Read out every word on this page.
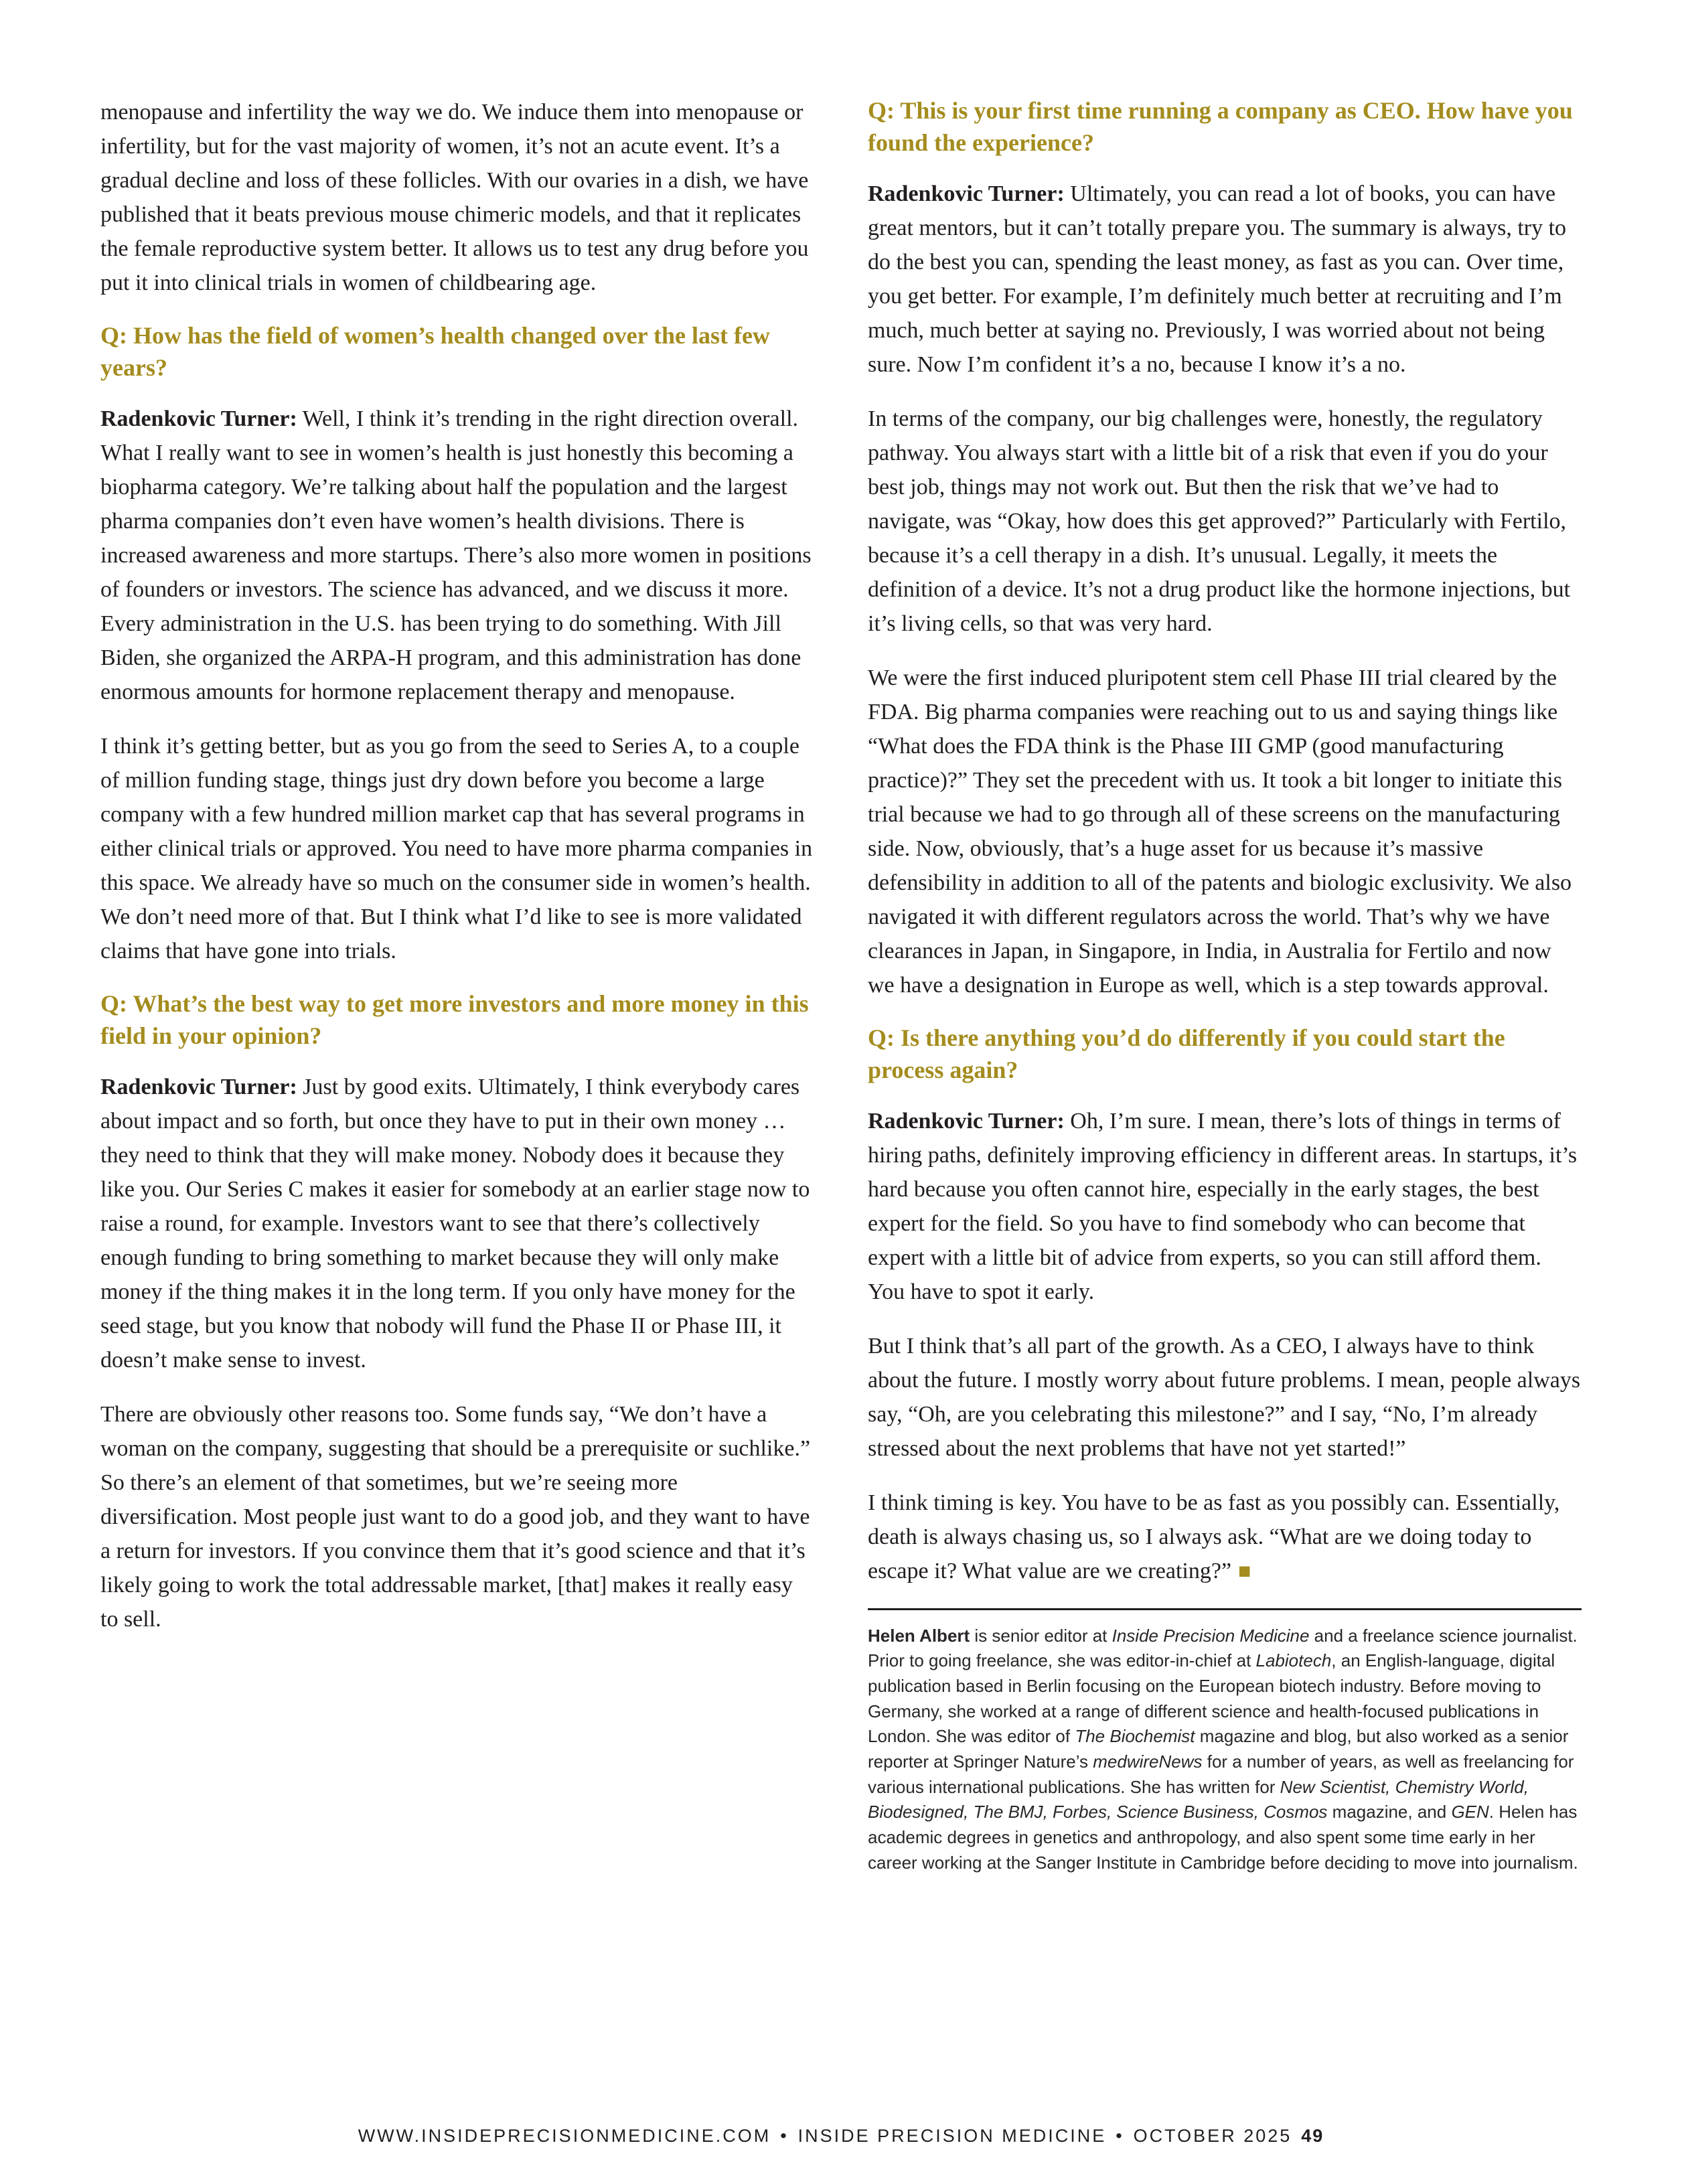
menopause and infertility the way we do. We induce them into menopause or infertility, but for the vast majority of women, it’s not an acute event. It’s a gradual decline and loss of these follicles. With our ovaries in a dish, we have published that it beats previous mouse chimeric models, and that it replicates the female reproductive system better. It allows us to test any drug before you put it into clinical trials in women of childbearing age.

Q: How has the field of women’s health changed over the last few years?

Radenkovic Turner: Well, I think it’s trending in the right direction overall. What I really want to see in women’s health is just honestly this becoming a biopharma category. We’re talking about half the population and the largest pharma companies don’t even have women’s health divisions. There is increased awareness and more startups. There’s also more women in positions of founders or investors. The science has advanced, and we discuss it more. Every administration in the U.S. has been trying to do something. With Jill Biden, she organized the ARPA-H program, and this administration has done enormous amounts for hormone replacement therapy and menopause.

I think it’s getting better, but as you go from the seed to Series A, to a couple of million funding stage, things just dry down before you become a large company with a few hundred million market cap that has several programs in either clinical trials or approved. You need to have more pharma companies in this space. We already have so much on the consumer side in women’s health. We don’t need more of that. But I think what I’d like to see is more validated claims that have gone into trials.

Q: What’s the best way to get more investors and more money in this field in your opinion?

Radenkovic Turner: Just by good exits. Ultimately, I think everybody cares about impact and so forth, but once they have to put in their own money … they need to think that they will make money. Nobody does it because they like you. Our Series C makes it easier for somebody at an earlier stage now to raise a round, for example. Investors want to see that there’s collectively enough funding to bring something to market because they will only make money if the thing makes it in the long term. If you only have money for the seed stage, but you know that nobody will fund the Phase II or Phase III, it doesn’t make sense to invest.

There are obviously other reasons too. Some funds say, “We don’t have a woman on the company, suggesting that should be a prerequisite or suchlike.” So there’s an element of that sometimes, but we’re seeing more diversification. Most people just want to do a good job, and they want to have a return for investors. If you convince them that it’s good science and that it’s likely going to work the total addressable market, [that] makes it really easy to sell.

Q: This is your first time running a company as CEO. How have you found the experience?

Radenkovic Turner: Ultimately, you can read a lot of books, you can have great mentors, but it can’t totally prepare you. The summary is always, try to do the best you can, spending the least money, as fast as you can. Over time, you get better. For example, I’m definitely much better at recruiting and I’m much, much better at saying no. Previously, I was worried about not being sure. Now I’m confident it’s a no, because I know it’s a no.

In terms of the company, our big challenges were, honestly, the regulatory pathway. You always start with a little bit of a risk that even if you do your best job, things may not work out. But then the risk that we’ve had to navigate, was “Okay, how does this get approved?” Particularly with Fertilo, because it’s a cell therapy in a dish. It’s unusual. Legally, it meets the definition of a device. It’s not a drug product like the hormone injections, but it’s living cells, so that was very hard.

We were the first induced pluripotent stem cell Phase III trial cleared by the FDA. Big pharma companies were reaching out to us and saying things like “What does the FDA think is the Phase III GMP (good manufacturing practice)?” They set the precedent with us. It took a bit longer to initiate this trial because we had to go through all of these screens on the manufacturing side. Now, obviously, that’s a huge asset for us because it’s massive defensibility in addition to all of the patents and biologic exclusivity. We also navigated it with different regulators across the world. That’s why we have clearances in Japan, in Singapore, in India, in Australia for Fertilo and now we have a designation in Europe as well, which is a step towards approval.

Q: Is there anything you’d do differently if you could start the process again?

Radenkovic Turner: Oh, I’m sure. I mean, there’s lots of things in terms of hiring paths, definitely improving efficiency in different areas. In startups, it’s hard because you often cannot hire, especially in the early stages, the best expert for the field. So you have to find somebody who can become that expert with a little bit of advice from experts, so you can still afford them. You have to spot it early.

But I think that’s all part of the growth. As a CEO, I always have to think about the future. I mostly worry about future problems. I mean, people always say, “Oh, are you celebrating this milestone?” and I say, “No, I’m already stressed about the next problems that have not yet started!”

I think timing is key. You have to be as fast as you possibly can. Essentially, death is always chasing us, so I always ask. “What are we doing today to escape it? What value are we creating?” ■

Helen Albert is senior editor at Inside Precision Medicine and a freelance science journalist. Prior to going freelance, she was editor-in-chief at Labiotech, an English-language, digital publication based in Berlin focusing on the European biotech industry. Before moving to Germany, she worked at a range of different science and health-focused publications in London. She was editor of The Biochemist magazine and blog, but also worked as a senior reporter at Springer Nature’s medwireNews for a number of years, as well as freelancing for various international publications. She has written for New Scientist, Chemistry World, Biodesigned, The BMJ, Forbes, Science Business, Cosmos magazine, and GEN. Helen has academic degrees in genetics and anthropology, and also spent some time early in her career working at the Sanger Institute in Cambridge before deciding to move into journalism.
WWW.INSIDEPRECISIONMEDICINE.COM • INSIDE PRECISION MEDICINE • OCTOBER 2025 49
